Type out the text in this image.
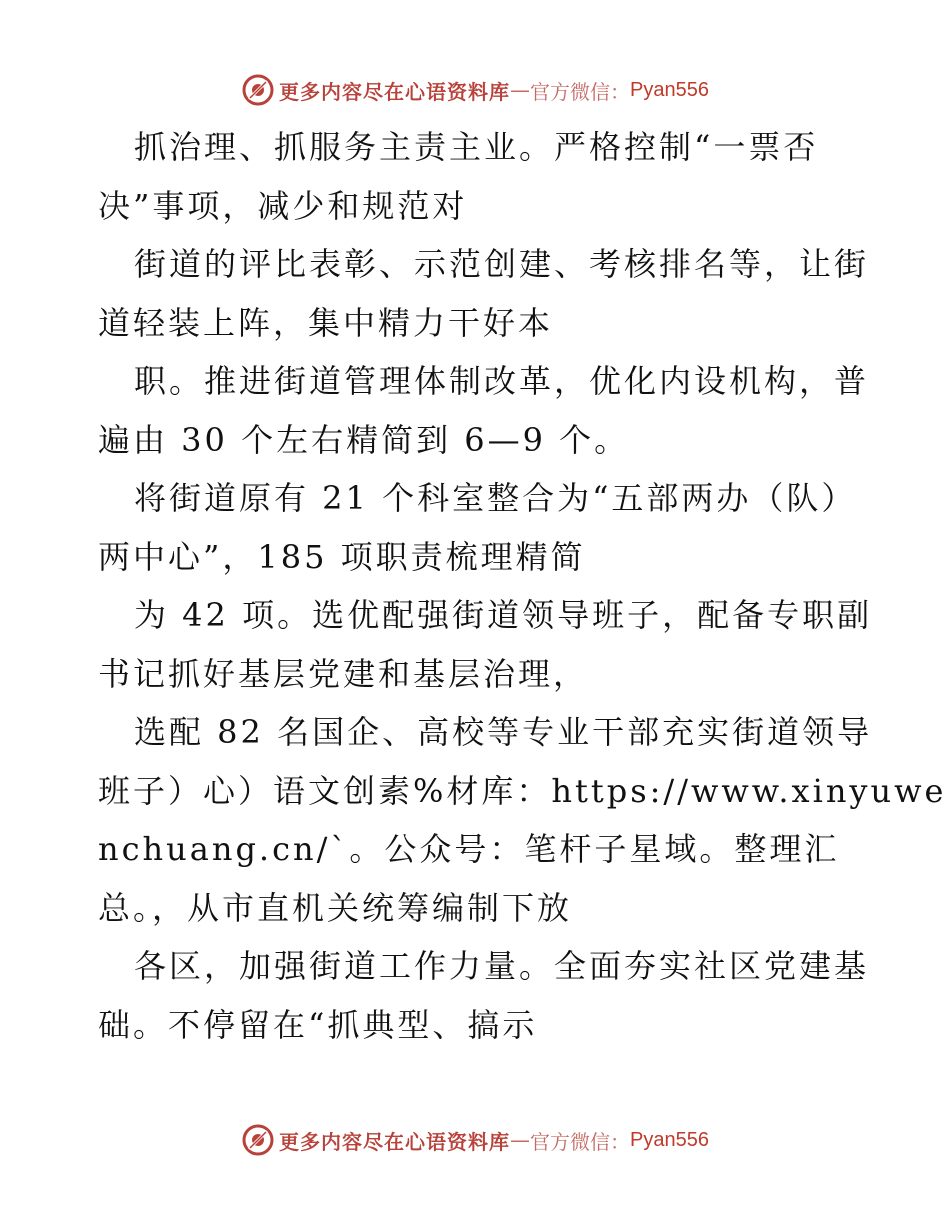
更多内容尽在心语资料库 — 官方微信： Pyan556
抓治理、抓服务主责主业。严格控制“一票否
决”事项，减少和规范对
街道的评比表彰、示范创建、考核排名等，让街
道轻装上阵，集中精力干好本
职。推进街道管理体制改革，优化内设机构，普
遍由 30 个左右精简到 6—9 个。
将街道原有 21 个科室整合为“五部两办（队）
两中心”，185 项职责梳理精简
为 42 项。选优配强街道领导班子，配备专职副
书记抓好基层党建和基层治理，
选配 82 名国企、高校等专业干部充实街道领导
班子）心）语文创素%材库：https://www.xinyuwe
nchuang.cn/`。公众号：笔杆子星域。整理汇
总。，从市直机关统筹编制下放
各区，加强街道工作力量。全面夯实社区党建基
础。不停留在“抓典型、搞示
更多内容尽在心语资料库 — 官方微信： Pyan556
